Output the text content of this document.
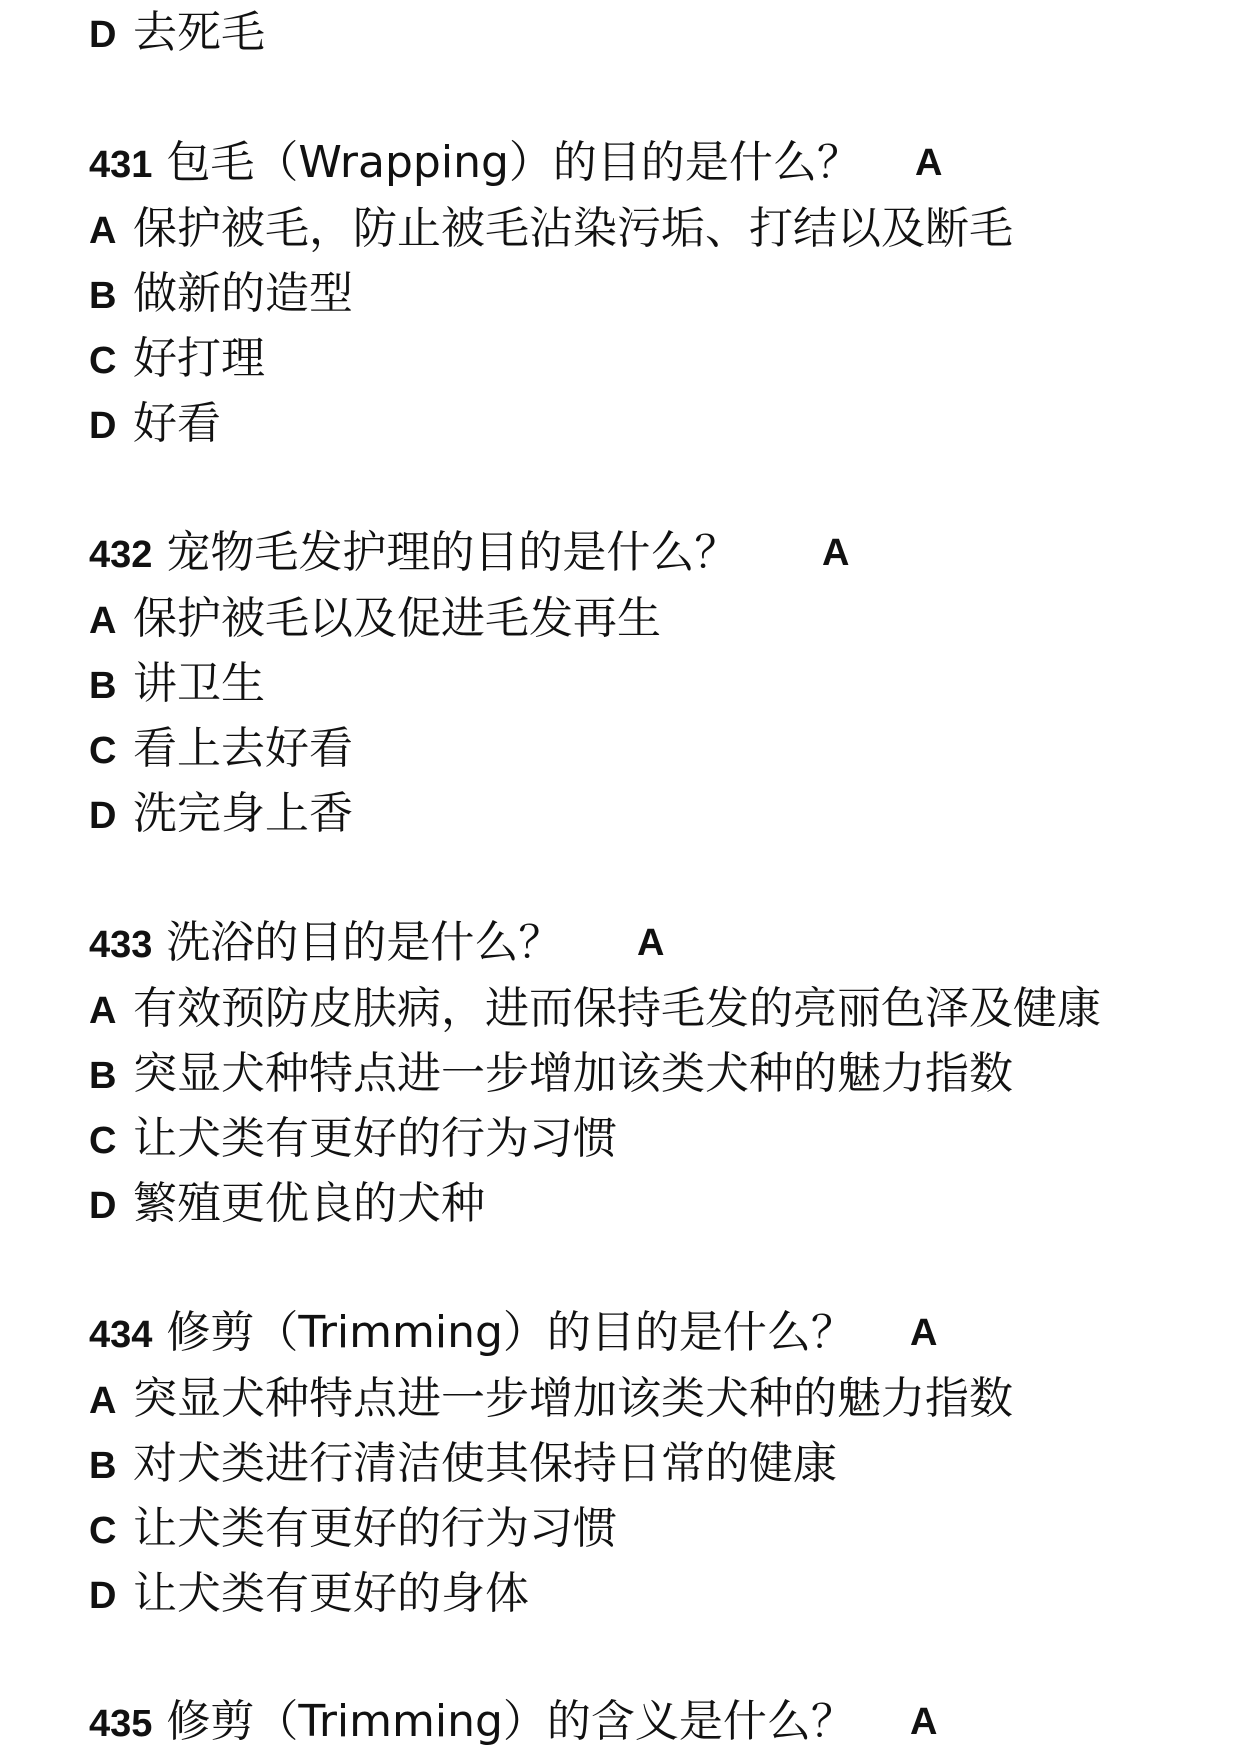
D 去死毛
431 包毛（Wrapping）的目的是什么？ A
A 保护被毛，防止被毛沾染污垢、打结以及断毛
B 做新的造型
C 好打理
D 好看
432 宠物毛发护理的目的是什么？ A
A 保护被毛以及促进毛发再生
B 讲卫生
C 看上去好看
D 洗完身上香
433 洗浴的目的是什么？ A
A 有效预防皮肤病，进而保持毛发的亮丽色泽及健康
B 突显犬种特点进一步增加该类犬种的魅力指数
C 让犬类有更好的行为习惯
D 繁殖更优良的犬种
434 修剪（Trimming）的目的是什么？ A
A 突显犬种特点进一步增加该类犬种的魅力指数
B 对犬类进行清洁使其保持日常的健康
C 让犬类有更好的行为习惯
D 让犬类有更好的身体
435 修剪（Trimming）的含义是什么？ A
